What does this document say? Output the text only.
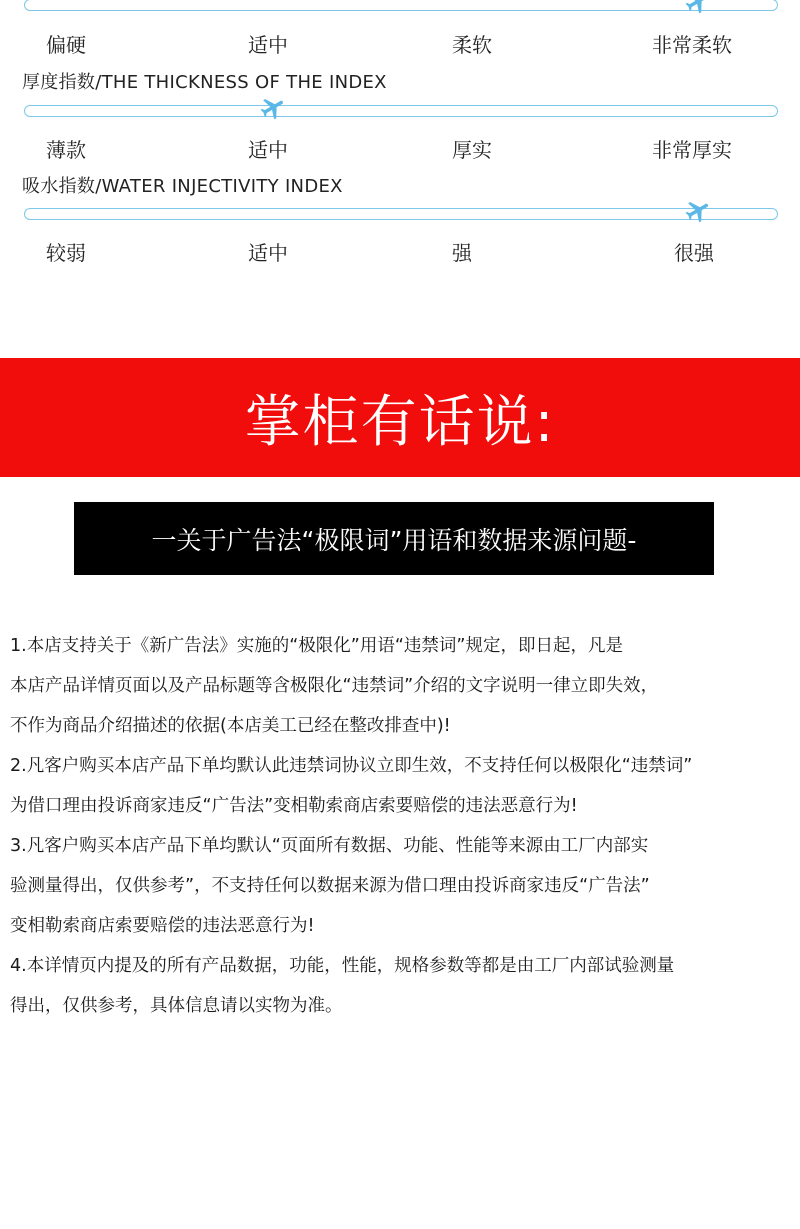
偏硬	适中	柔软	非常柔软
厚度指数/THE THICKNESS OF THE INDEX
薄款	适中	厚实	非常厚实
吸水指数/WATER INJECTIVITY INDEX
较弱	适中	强	很强
掌柜有话说:
一关于广告法“极限词”用语和数据来源问题-
1.本店支持关于《新广告法》实施的“极限化”用语“违禁词”规定，即日起，凡是
本店产品详情页面以及产品标题等含极限化“违禁词”介绍的文字说明一律立即失效，
不作为商品介绍描述的依据(本店美工已经在整改排查中)!
2.凡客户购买本店产品下单均默认此违禁词协议立即生效，不支持任何以极限化“违禁词”
为借口理由投诉商家违反“广告法”变相勒索商店索要赔偿的违法恶意行为!
3.凡客户购买本店产品下单均默认“页面所有数据、功能、性能等来源由工厂内部实
验测量得出，仅供参考”，不支持任何以数据来源为借口理由投诉商家违反“广告法”
变相勒索商店索要赔偿的违法恶意行为!
4.本详情页内提及的所有产品数据，功能，性能，规格参数等都是由工厂内部试验测量
得出，仅供参考，具体信息请以实物为准。
